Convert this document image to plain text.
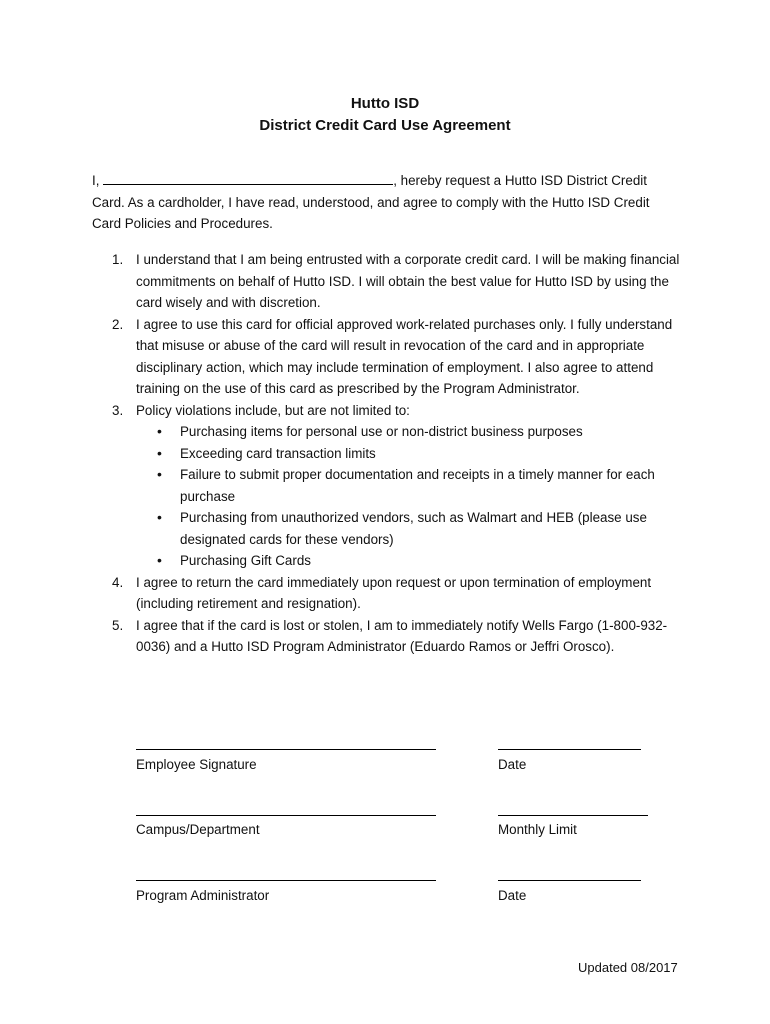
Hutto ISD
District Credit Card Use Agreement
I,	, hereby request a Hutto ISD District Credit Card. As a cardholder, I have read, understood, and agree to comply with the Hutto ISD Credit Card Policies and Procedures.
1. I understand that I am being entrusted with a corporate credit card. I will be making financial commitments on behalf of Hutto ISD. I will obtain the best value for Hutto ISD by using the card wisely and with discretion.
2. I agree to use this card for official approved work-related purchases only. I fully understand that misuse or abuse of the card will result in revocation of the card and in appropriate disciplinary action, which may include termination of employment. I also agree to attend training on the use of this card as prescribed by the Program Administrator.
3. Policy violations include, but are not limited to:
• Purchasing items for personal use or non-district business purposes
• Exceeding card transaction limits
• Failure to submit proper documentation and receipts in a timely manner for each purchase
• Purchasing from unauthorized vendors, such as Walmart and HEB (please use designated cards for these vendors)
• Purchasing Gift Cards
4. I agree to return the card immediately upon request or upon termination of employment (including retirement and resignation).
5. I agree that if the card is lost or stolen, I am to immediately notify Wells Fargo (1-800-932-0036) and a Hutto ISD Program Administrator (Eduardo Ramos or Jeffri Orosco).
Employee Signature	Date
Campus/Department	Monthly Limit
Program Administrator	Date
Updated 08/2017
